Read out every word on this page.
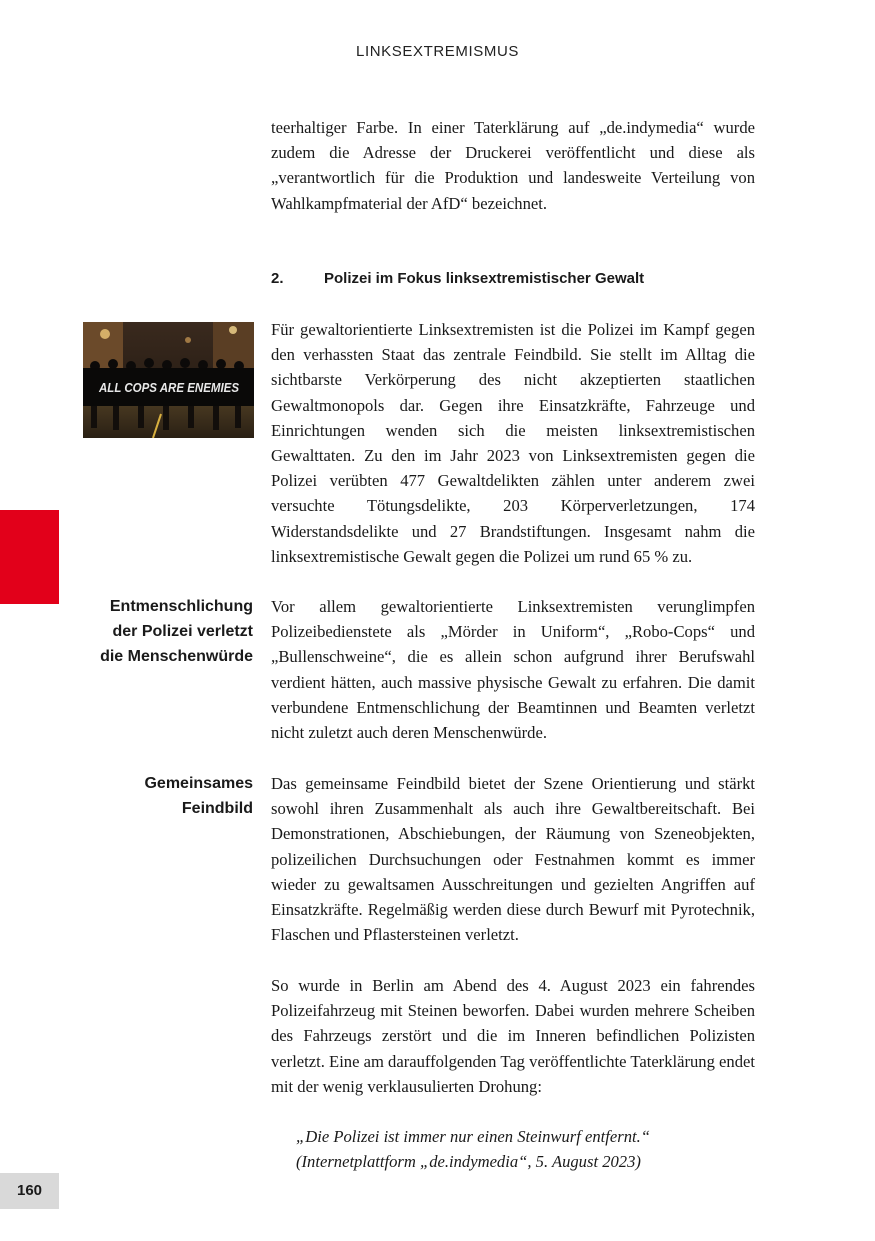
LINKSEXTREMISMUS

teerhaltiger Farbe. In einer Taterklärung auf „de.indymedia“ wurde zudem die Adresse der Druckerei veröffentlicht und diese als „verantwortlich für die Produktion und landesweite Verteilung von Wahlkampfmaterial der AfD“ bezeichnet.

2.	Polizei im Fokus linksextremistischer Gewalt
ALL COPS ARE ENEMIES

Für gewaltorientierte Linksextremisten ist die Polizei im Kampf gegen den verhassten Staat das zentrale Feindbild. Sie stellt im Alltag die sichtbarste Verkörperung des nicht akzeptierten staatlichen Gewaltmonopols dar. Gegen ihre Einsatzkräfte, Fahrzeuge und Einrichtungen wenden sich die meisten linksextremistischen Gewalttaten. Zu den im Jahr 2023 von Linksextremisten gegen die Polizei verübten 477 Gewaltdelikten zählen unter anderem zwei versuchte Tötungsdelikte, 203 Körperverletzungen, 174 Widerstandsdelikte und 27 Brandstiftungen. Insgesamt nahm die linksextremistische Gewalt gegen die Polizei um rund 65 % zu.

Entmenschlichung
der Polizei verletzt
die Menschenwürde

Vor allem gewaltorientierte Linksextremisten verunglimpfen Polizeibedienstete als „Mörder in Uniform“, „Robo-Cops“ und „Bullenschweine“, die es allein schon aufgrund ihrer Berufswahl verdient hätten, auch massive physische Gewalt zu erfahren. Die damit verbundene Entmenschlichung der Beamtinnen und Beamten verletzt nicht zuletzt auch deren Menschenwürde.

Gemeinsames
Feindbild

Das gemeinsame Feindbild bietet der Szene Orientierung und stärkt sowohl ihren Zusammenhalt als auch ihre Gewaltbereitschaft. Bei Demonstrationen, Abschiebungen, der Räumung von Szeneobjekten, polizeilichen Durchsuchungen oder Festnahmen kommt es immer wieder zu gewaltsamen Ausschreitungen und gezielten Angriffen auf Einsatzkräfte. Regelmäßig werden diese durch Bewurf mit Pyrotechnik, Flaschen und Pflastersteinen verletzt.

So wurde in Berlin am Abend des 4. August 2023 ein fahrendes Polizeifahrzeug mit Steinen beworfen. Dabei wurden mehrere Scheiben des Fahrzeugs zerstört und die im Inneren befindlichen Polizisten verletzt. Eine am darauffolgenden Tag veröffentlichte Taterklärung endet mit der wenig verklausulierten Drohung:

„Die Polizei ist immer nur einen Steinwurf entfernt.“
(Internetplattform „de.indymedia“, 5. August 2023)
160
